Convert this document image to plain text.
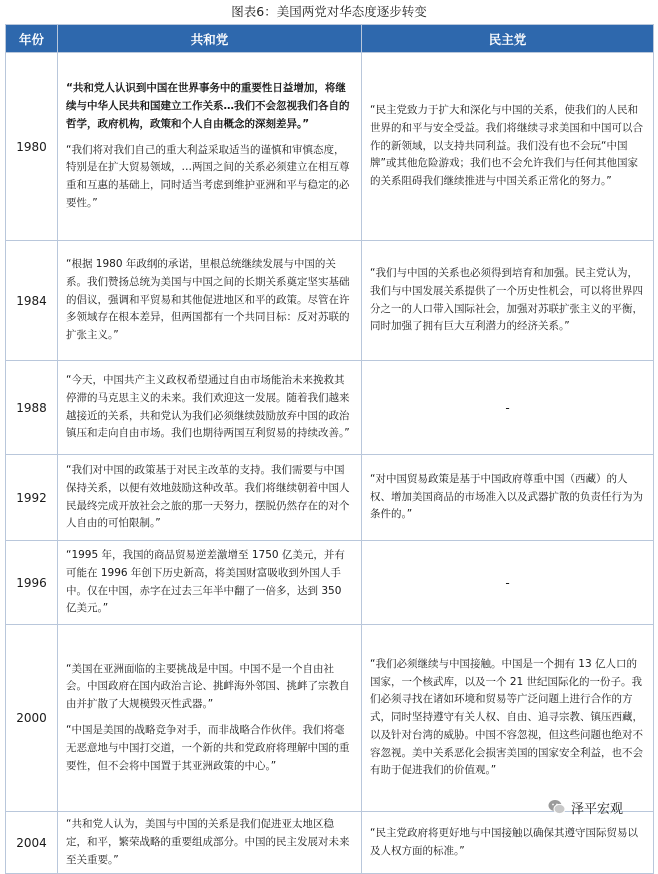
图表6：美国两党对华态度逐步转变
年份	共和党	民主党
1980	“共和党人认识到中国在世界事务中的重要性日益增加，将继续与中华人民共和国建立工作关系…我们不会忽视我们各自的哲学，政府机构，政策和个人自由概念的深刻差异。”
“我们将对我们自己的重大利益采取适当的谨慎和审慎态度，特别是在扩大贸易领域，…两国之间的关系必须建立在相互尊重和互惠的基础上，同时适当考虑到维护亚洲和平与稳定的必要性。”	“民主党致力于扩大和深化与中国的关系，使我们的人民和世界的和平与安全受益。我们将继续寻求美国和中国可以合作的新领域，以支持共同利益。我们没有也不会玩“中国牌”或其他危险游戏；我们也不会允许我们与任何其他国家的关系阻碍我们继续推进与中国关系正常化的努力。”

1984	“根据 1980 年政纲的承诺，里根总统继续发展与中国的关系。我们赞扬总统为美国与中国之间的长期关系奠定坚实基础的倡议，强调和平贸易和其他促进地区和平的政策。尽管在许多领域存在根本差异，但两国都有一个共同目标：反对苏联的扩张主义。”	“我们与中国的关系也必须得到培育和加强。民主党认为，我们与中国发展关系提供了一个历史性机会，可以将世界四分之一的人口带入国际社会，加强对苏联扩张主义的平衡，同时加强了拥有巨大互利潜力的经济关系。”

1988	“今天，中国共产主义政权希望通过自由市场能治未来挽救其停滞的马克思主义的未来。我们欢迎这一发展。随着我们越来越接近的关系，共和党认为我们必须继续鼓励放弃中国的政治镇压和走向自由市场。我们也期待两国互利贸易的持续改善。”	-

1992	“我们对中国的政策基于对民主改革的支持。我们需要与中国保持关系，以便有效地鼓励这种改革。我们将继续朝着中国人民最终完成开放社会之旅的那一天努力，摆脱仍然存在的对个人自由的可怕限制。”	“对中国贸易政策是基于中国政府尊重中国（西藏）的人权、增加美国商品的市场准入以及武器扩散的负责任行为为条件的。”

1996	“1995 年，我国的商品贸易逆差激增至 1750 亿美元，并有可能在 1996 年创下历史新高，将美国财富吸收到外国人手中。仅在中国，赤字在过去三年半中翻了一倍多，达到 350 亿美元。”	-

2000	“美国在亚洲面临的主要挑战是中国。中国不是一个自由社会。中国政府在国内政治言论、挑衅海外邻国、挑衅了宗教自由并扩散了大规模毁灭性武器。”
“中国是美国的战略竞争对手，而非战略合作伙伴。我们将毫无恶意地与中国打交道，一个新的共和党政府将理解中国的重要性，但不会将中国置于其亚洲政策的中心。”	“我们必须继续与中国接触。中国是一个拥有 13 亿人口的国家，一个核武库，以及一个 21 世纪国际化的一份子。我们必须寻找在诸如环境和贸易等广泛问题上进行合作的方式，同时坚持遵守有关人权、自由、追寻宗教、镇压西藏，以及针对台湾的威胁。中国不容忽视，但这些问题也绝对不容忽视。美中关系恶化会损害美国的国家安全利益，也不会有助于促进我们的价值观。”

2004	“共和党人认为，美国与中国的关系是我们促进亚太地区稳定，和平，繁荣战略的重要组成部分。中国的民主发展对未来至关重要。”	“民主党政府将更好地与中国接触以确保其遵守国际贸易以及人权方面的标准。”
泽平宏观
